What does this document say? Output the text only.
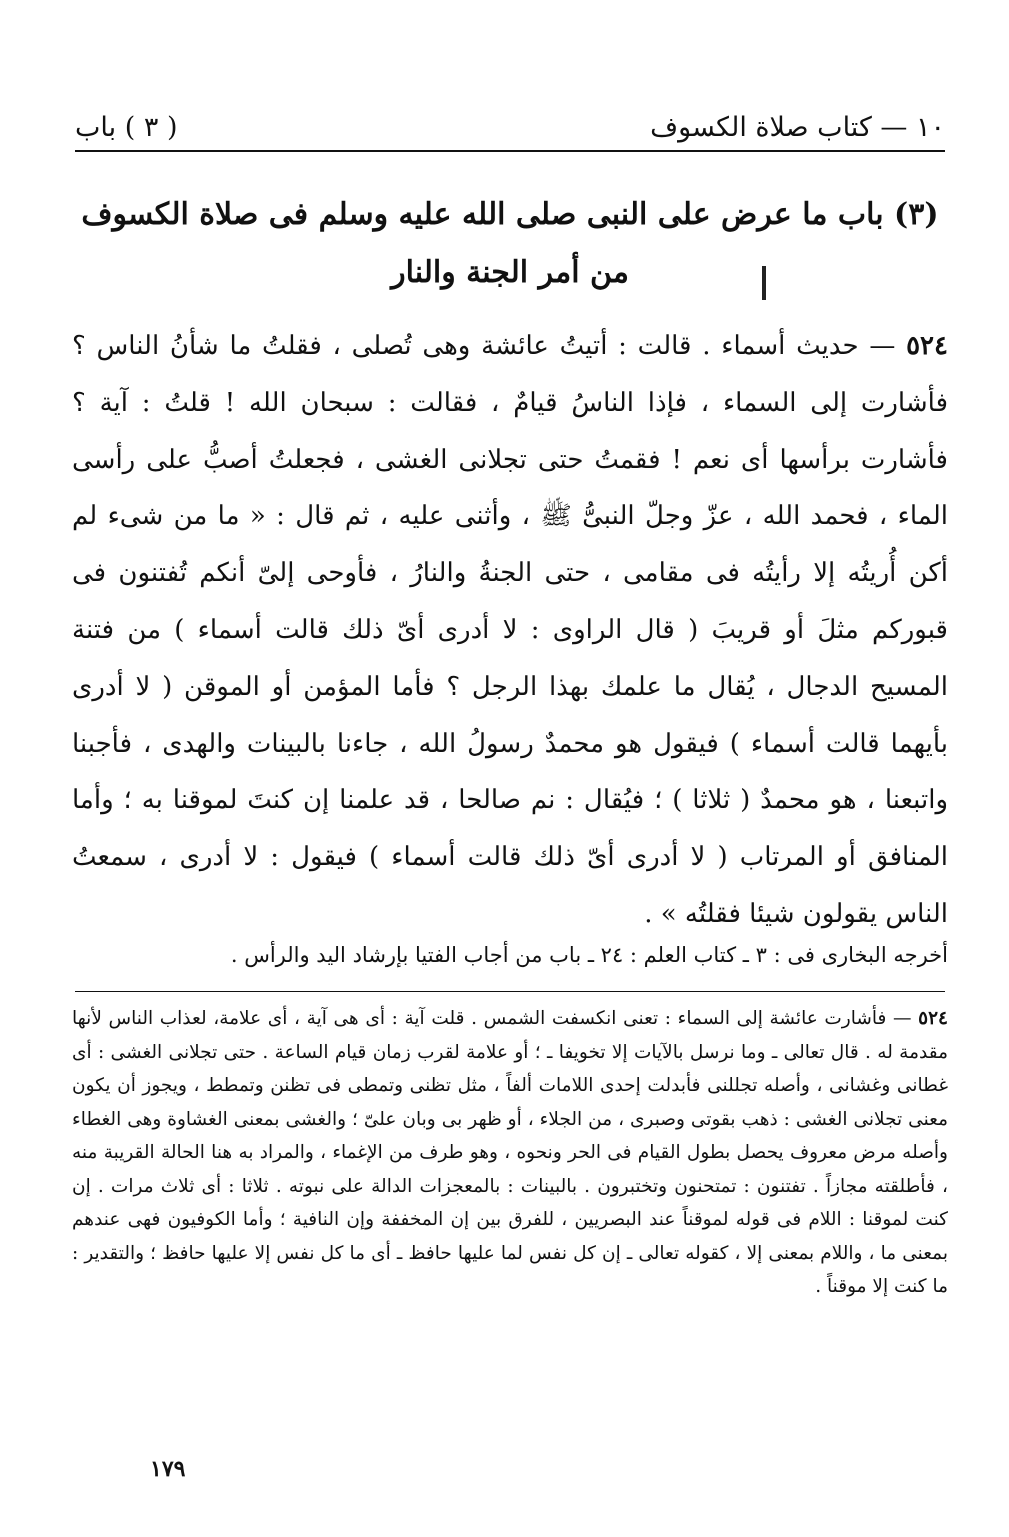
١٠ — كتاب صلاة الكسوف
( ٣ ) باب
(٣) باب ما عرض على النبى صلى الله عليه وسلم فى صلاة الكسوف
من أمر الجنة والنار
٥٢٤ — حديث أسماء . قالت : أتيتُ عائشة وهى تُصلى ، فقلتُ ما شأنُ الناس ؟ فأشارت إلى السماء ، فإذا الناسُ قيامٌ ، فقالت : سبحان الله ! قلتُ : آية ؟ فأشارت برأسها أى نعم ! فقمتُ حتى تجلانى الغشى ، فجعلتُ أصبُّ على رأسى الماء ، فحمد الله ، عزّ وجلّ النبىُّ ﷺ ، وأثنى عليه ، ثم قال : « ما من شىء لم أكن أُريتُه إلا رأيتُه فى مقامى ، حتى الجنةُ والنارُ ، فأوحى إلىّ أنكم تُفتنون فى قبوركم مثلَ أو قريبَ ( قال الراوى : لا أدرى أىّ ذلك قالت أسماء ) من فتنة المسيح الدجال ، يُقال ما علمك بهذا الرجل ؟ فأما المؤمن أو الموقن ( لا أدرى بأيهما قالت أسماء ) فيقول هو محمدٌ رسولُ الله ، جاءنا بالبينات والهدى ، فأجبنا واتبعنا ، هو محمدٌ ( ثلاثا ) ؛ فيُقال : نم صالحا ، قد علمنا إن كنتَ لموقنا به ؛ وأما المنافق أو المرتاب ( لا أدرى أىّ ذلك قالت أسماء ) فيقول : لا أدرى ، سمعتُ الناس يقولون شيئا فقلتُه » .
أخرجه البخارى فى : ٣ ـ كتاب العلم : ٢٤ ـ باب من أجاب الفتيا بإرشاد اليد والرأس .
٥٢٤ — فأشارت عائشة إلى السماء : تعنى انكسفت الشمس . قلت آية : أى هى آية ، أى علامة، لعذاب الناس لأنها مقدمة له . قال تعالى ـ وما نرسل بالآيات إلا تخويفا ـ ؛ أو علامة لقرب زمان قيام الساعة . حتى تجلانى الغشى : أى غطانى وغشانى ، وأصله تجللنى فأبدلت إحدى اللامات ألفاً ، مثل تظنى وتمطى فى تظنن وتمطط ، ويجوز أن يكون معنى تجلانى الغشى : ذهب بقوتى وصبرى ، من الجلاء ، أو ظهر بى وبان علىّ ؛ والغشى بمعنى الغشاوة وهى الغطاء وأصله مرض معروف يحصل بطول القيام فى الحر ونحوه ، وهو طرف من الإغماء ، والمراد به هنا الحالة القريبة منه ، فأطلقته مجازاً . تفتنون : تمتحنون وتختبرون . بالبينات : بالمعجزات الدالة على نبوته . ثلاثا : أى ثلاث مرات . إن كنت لموقنا : اللام فى قوله لموقناً عند البصريين ، للفرق بين إن المخففة وإن النافية ؛ وأما الكوفيون فهى عندهم بمعنى ما ، واللام بمعنى إلا ، كقوله تعالى ـ إن كل نفس لما عليها حافظ ـ أى ما كل نفس إلا عليها حافظ ؛ والتقدير : ما كنت إلا موقناً .
١٧٩
